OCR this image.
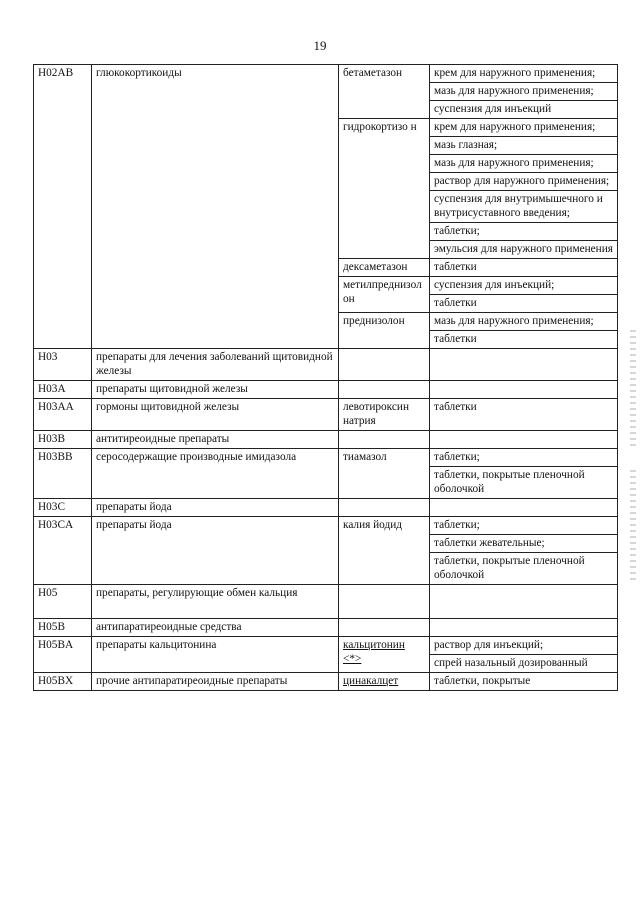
19
H02AB	глюкокортикоиды	бетаметазон	крем для наружного применения;
			мазь для наружного применения;
			суспензия для инъекций
		гидрокортизо н	крем для наружного применения;
			мазь глазная;
			мазь для наружного применения;
			раствор для наружного применения;
			суспензия для внутримышечного и внутрисуставного введения;
			таблетки;
			эмульсия для наружного применения
		дексаметазон	таблетки
		метилпреднизолон	суспензия для инъекций;
			таблетки
		преднизолон	мазь для наружного применения;
			таблетки
H03	препараты для лечения заболеваний щитовидной железы		
H03A	препараты щитовидной железы		
H03AA	гормоны щитовидной железы	левотироксин натрия	таблетки
H03B	антитиреоидные препараты		
H03BB	серосодержащие производные имидазола	тиамазол	таблетки;
			таблетки, покрытые пленочной оболочкой
H03C	препараты йода		
H03CA	препараты йода	калия йодид	таблетки;
			таблетки жевательные;
			таблетки, покрытые пленочной оболочкой
H05	препараты, регулирующие обмен кальция		
H05B	антипаратиреоидные средства		
H05BA	препараты кальцитонина	кальцитонин <*>	раствор для инъекций;
			спрей назальный дозированный
H05BX	прочие антипаратиреоидные препараты	цинакалцет	таблетки, покрытые
